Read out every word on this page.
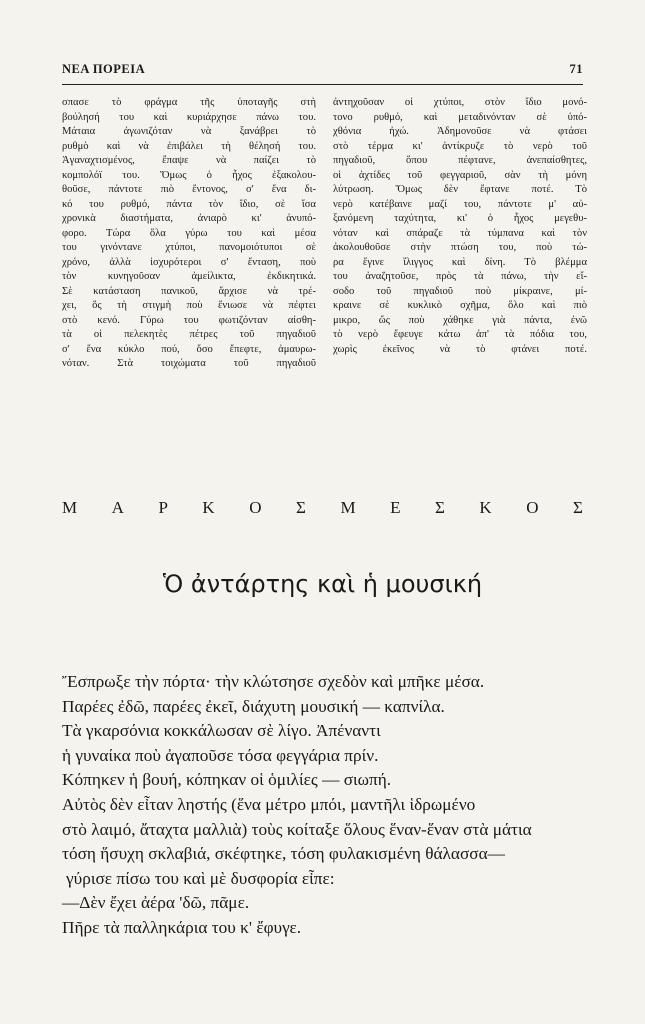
ΝΕΑ ΠΟΡΕΙΑ	71
σπασε τὸ φράγμα τῆς ὑποταγῆς στὴ
βούλησή του καὶ κυριάρχησε πάνω του.
Μάταια ἀγωνιζόταν νὰ ξανάβρει τὸ
ρυθμὸ καὶ νὰ ἐπιβάλει τὴ θέλησή του.
Ἀγαναχτισμένος, ἔπαψε νὰ παίζει τὸ
κομπολόϊ του. Ὅμως ὁ ἦχος ἐξακολου-
θοῦσε, πάντοτε πιὸ ἔντονος, σ' ἕνα δι-
κό του ρυθμό, πάντα τὸν ἴδιο, σὲ ἴσα
χρονικὰ διαστήματα, ἀνιαρὸ κι' ἀνυπό-
φορο. Τώρα ὅλα γύρω του καὶ μέσα
του γινόντανε χτύποι, πανομοιότυποι σὲ
χρόνο, ἀλλὰ ἰσχυρότεροι σ' ἔνταση, ποὺ
τὸν κυνηγοῦσαν ἀμείλικτα, ἐκδικητικά.
Σὲ κατάσταση πανικοῦ, ἄρχισε νὰ τρέ-
χει, ὅς τὴ στιγμὴ ποὺ ἔνιωσε νὰ πέφτει
στὸ κενό. Γύρω του φωτιζόνταν αἰσθη-
τὰ οἱ πελεκητὲς πέτρες τοῦ πηγαδιοῦ
σ' ἕνα κύκλο πού, ὅσο ἔπεφτε, ἀμαυρω-
νόταν. Στὰ τοιχώματα τοῦ πηγαδιοῦ
ἀντηχοῦσαν οἱ χτύποι, στὸν ἴδιο μονό-
τονο ρυθμό, καὶ μεταδινόνταν σὲ ὑπό-
χθόνια ἠχώ. Ἀδημονοῦσε νὰ φτάσει
στὸ τέρμα κι' ἀντίκρυζε τὸ νερὸ τοῦ
πηγαδιοῦ, ὅπου πέφτανε, ἀνεπαίσθητες,
οἱ ἀχτίδες τοῦ φεγγαριοῦ, σὰν τὴ μόνη
λύτρωση. Ὅμως δὲν ἔφτανε ποτέ. Τὸ
νερὸ κατέβαινε μαζί του, πάντοτε μ' αὐ-
ξανόμενη ταχύτητα, κι' ὁ ἦχος μεγεθυ-
νόταν καὶ σπάραζε τὰ τύμπανα καὶ τὸν
ἀκολουθοῦσε στὴν πτώση του, ποὺ τώ-
ρα ἔγινε ἴλιγγος καὶ δίνη. Τὸ βλέμμα
του ἀναζητοῦσε, πρὸς τὰ πάνω, τὴν εἴ-
σοδο τοῦ πηγαδιοῦ ποὺ μίκραινε, μί-
κραινε σὲ κυκλικὸ σχῆμα, ὅλο καὶ πιὸ
μικρο, ὥς ποὺ χάθηκε γιὰ πάντα, ἐνῶ
τὸ νερὸ ἔφευγε κάτω ἀπ' τὰ πόδια του,
χωρὶς ἐκεῖνος νὰ τὸ φτάνει ποτέ.
Μ Α Ρ Κ Ο Σ Μ Ε Σ Κ Ο Σ
Ὁ ἀντάρτης καὶ ἡ μουσική
Ἔσπρωξε τὴν πόρτα· τὴν κλώτσησε σχεδὸν καὶ μπῆκε μέσα.
Παρέες ἐδῶ, παρέες ἐκεῖ, διάχυτη μουσική — καπνίλα.
Τὰ γκαρσόνια κοκκάλωσαν σὲ λίγο. Ἀπέναντι
ἡ γυναίκα ποὺ ἀγαποῦσε τόσα φεγγάρια πρίν.
Κόπηκεν ἡ βουή, κόπηκαν οἱ ὁμιλίες — σιωπή.
Αὐτὸς δὲν εἶταν ληστής (ἕνα μέτρο μπόι, μαντῆλι ἱδρωμένο
στὸ λαιμό, ἄταχτα μαλλιὰ) τοὺς κοίταξε ὅλους ἕναν-ἕναν στὰ μάτια
τόση ἥσυχη σκλαβιά, σκέφτηκε, τόση φυλακισμένη θάλασσα—
γύρισε πίσω του καὶ μὲ δυσφορία εἶπε:
—Δὲν ἔχει ἀέρα 'δῶ, πᾶμε.
Πῆρε τὰ παλληκάρια του κ' ἔφυγε.
